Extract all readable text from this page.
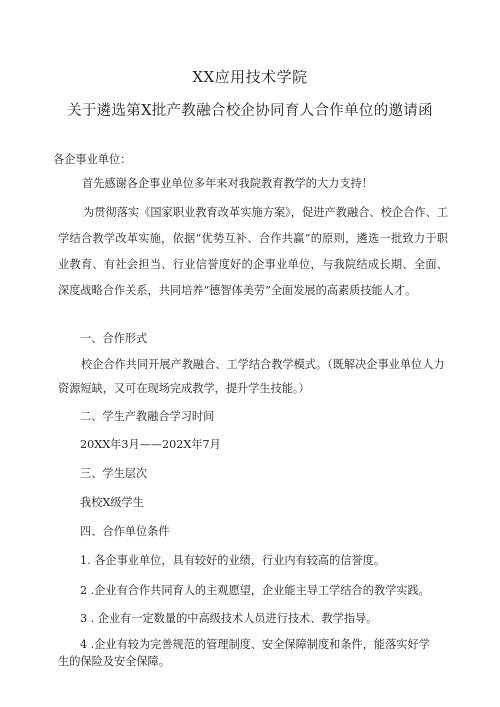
XX应用技术学院
关于遴选第X批产教融合校企协同育人合作单位的邀请函
各企事业单位：
首先感谢各企事业单位多年来对我院教育教学的大力支持！
为贯彻落实《国家职业教育改革实施方案》，促进产教融合、校企合作、工学结合教学改革实施，依据“优势互补、合作共赢”的原则，遴选一批致力于职业教育、有社会担当、行业信誉度好的企事业单位，与我院结成长期、全面、深度战略合作关系，共同培养“德智体美劳”全面发展的高素质技能人才。
一、合作形式
校企合作共同开展产教融合、工学结合教学模式。（既解决企事业单位人力资源短缺，又可在现场完成教学，提升学生技能。）
二、学生产教融合学习时间
20XX年3月——202X年7月
三、学生层次
我校X级学生
四、合作单位条件
1. 各企事业单位，具有较好的业绩，行业内有较高的信誉度。
2 .企业有合作共同育人的主观愿望，企业能主导工学结合的教学实践。
3 . 企业有一定数量的中高级技术人员进行技术、教学指导。
4 .企业有较为完善规范的管理制度、安全保障制度和条件，能落实好学生的保险及安全保障。
